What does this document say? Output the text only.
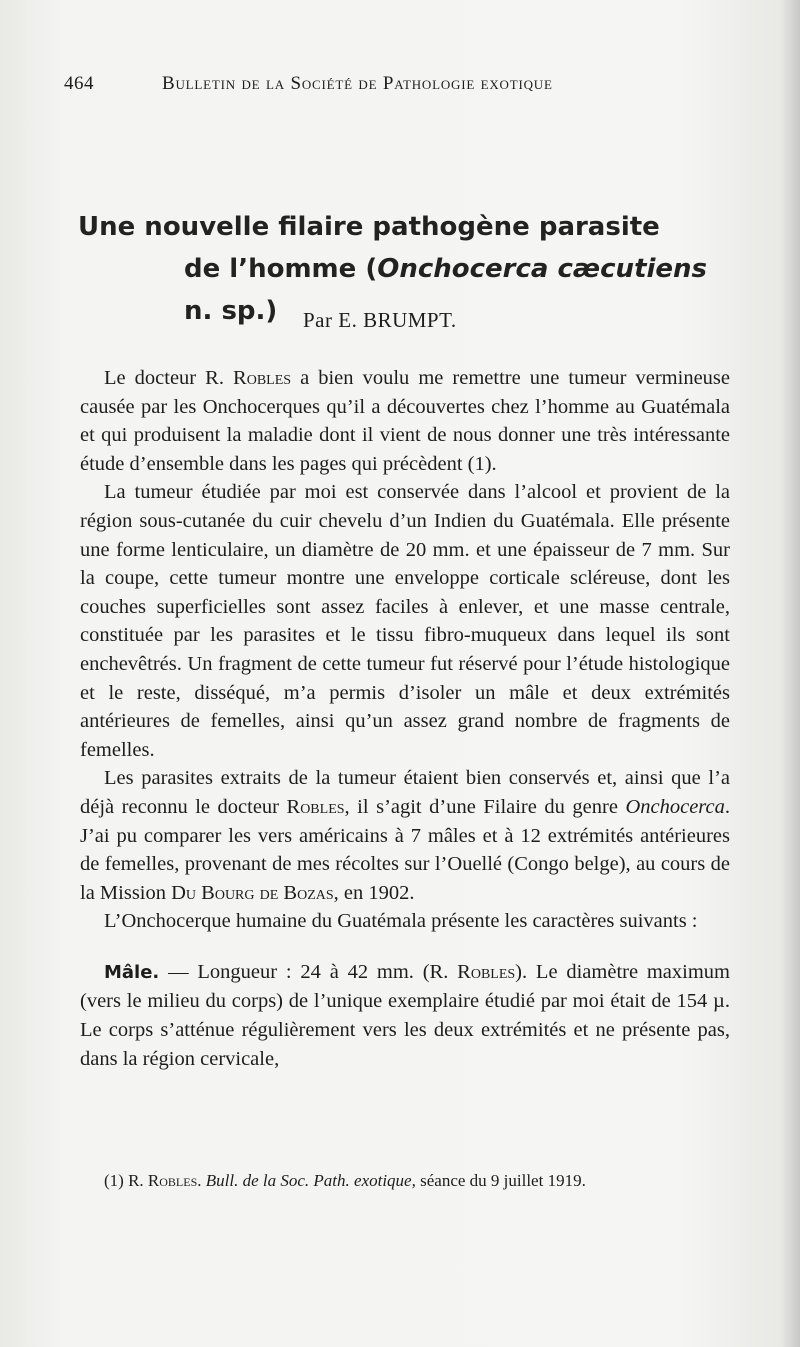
464	Bulletin de la Société de Pathologie exotique
Une nouvelle filaire pathogène parasite
de l’homme (Onchocerca cæcutiens n. sp.)	Par E. BRUMPT.

Le docteur R. Robles a bien voulu me remettre une tumeur vermineuse causée par les Onchocerques qu’il a découvertes chez l’homme au Guatémala et qui produisent la maladie dont il vient de nous donner une très intéressante étude d’ensemble dans les pages qui précèdent (1).

La tumeur étudiée par moi est conservée dans l’alcool et provient de la région sous-cutanée du cuir chevelu d’un Indien du Guatémala. Elle présente une forme lenticulaire, un diamètre de 20 mm. et une épaisseur de 7 mm. Sur la coupe, cette tumeur montre une enveloppe corticale scléreuse, dont les couches superficielles sont assez faciles à enlever, et une masse centrale, constituée par les parasites et le tissu fibro-muqueux dans lequel ils sont enchevêtrés. Un fragment de cette tumeur fut réservé pour l’étude histologique et le reste, disséqué, m’a permis d’isoler un mâle et deux extrémités antérieures de femelles, ainsi qu’un assez grand nombre de fragments de femelles.

Les parasites extraits de la tumeur étaient bien conservés et, ainsi que l’a déjà reconnu le docteur Robles, il s’agit d’une Filaire du genre Onchocerca. J’ai pu comparer les vers américains à 7 mâles et à 12 extrémités antérieures de femelles, provenant de mes récoltes sur l’Ouellé (Congo belge), au cours de la Mission Du Bourg de Bozas, en 1902.

L’Onchocerque humaine du Guatémala présente les caractères suivants :

Mâle. — Longueur : 24 à 42 mm. (R. Robles). Le diamètre maximum (vers le milieu du corps) de l’unique exemplaire étudié par moi était de 154 µ. Le corps s’atténue régulièrement vers les deux extrémités et ne présente pas, dans la région cervicale,

(1) R. Robles. Bull. de la Soc. Path. exotique, séance du 9 juillet 1919.
